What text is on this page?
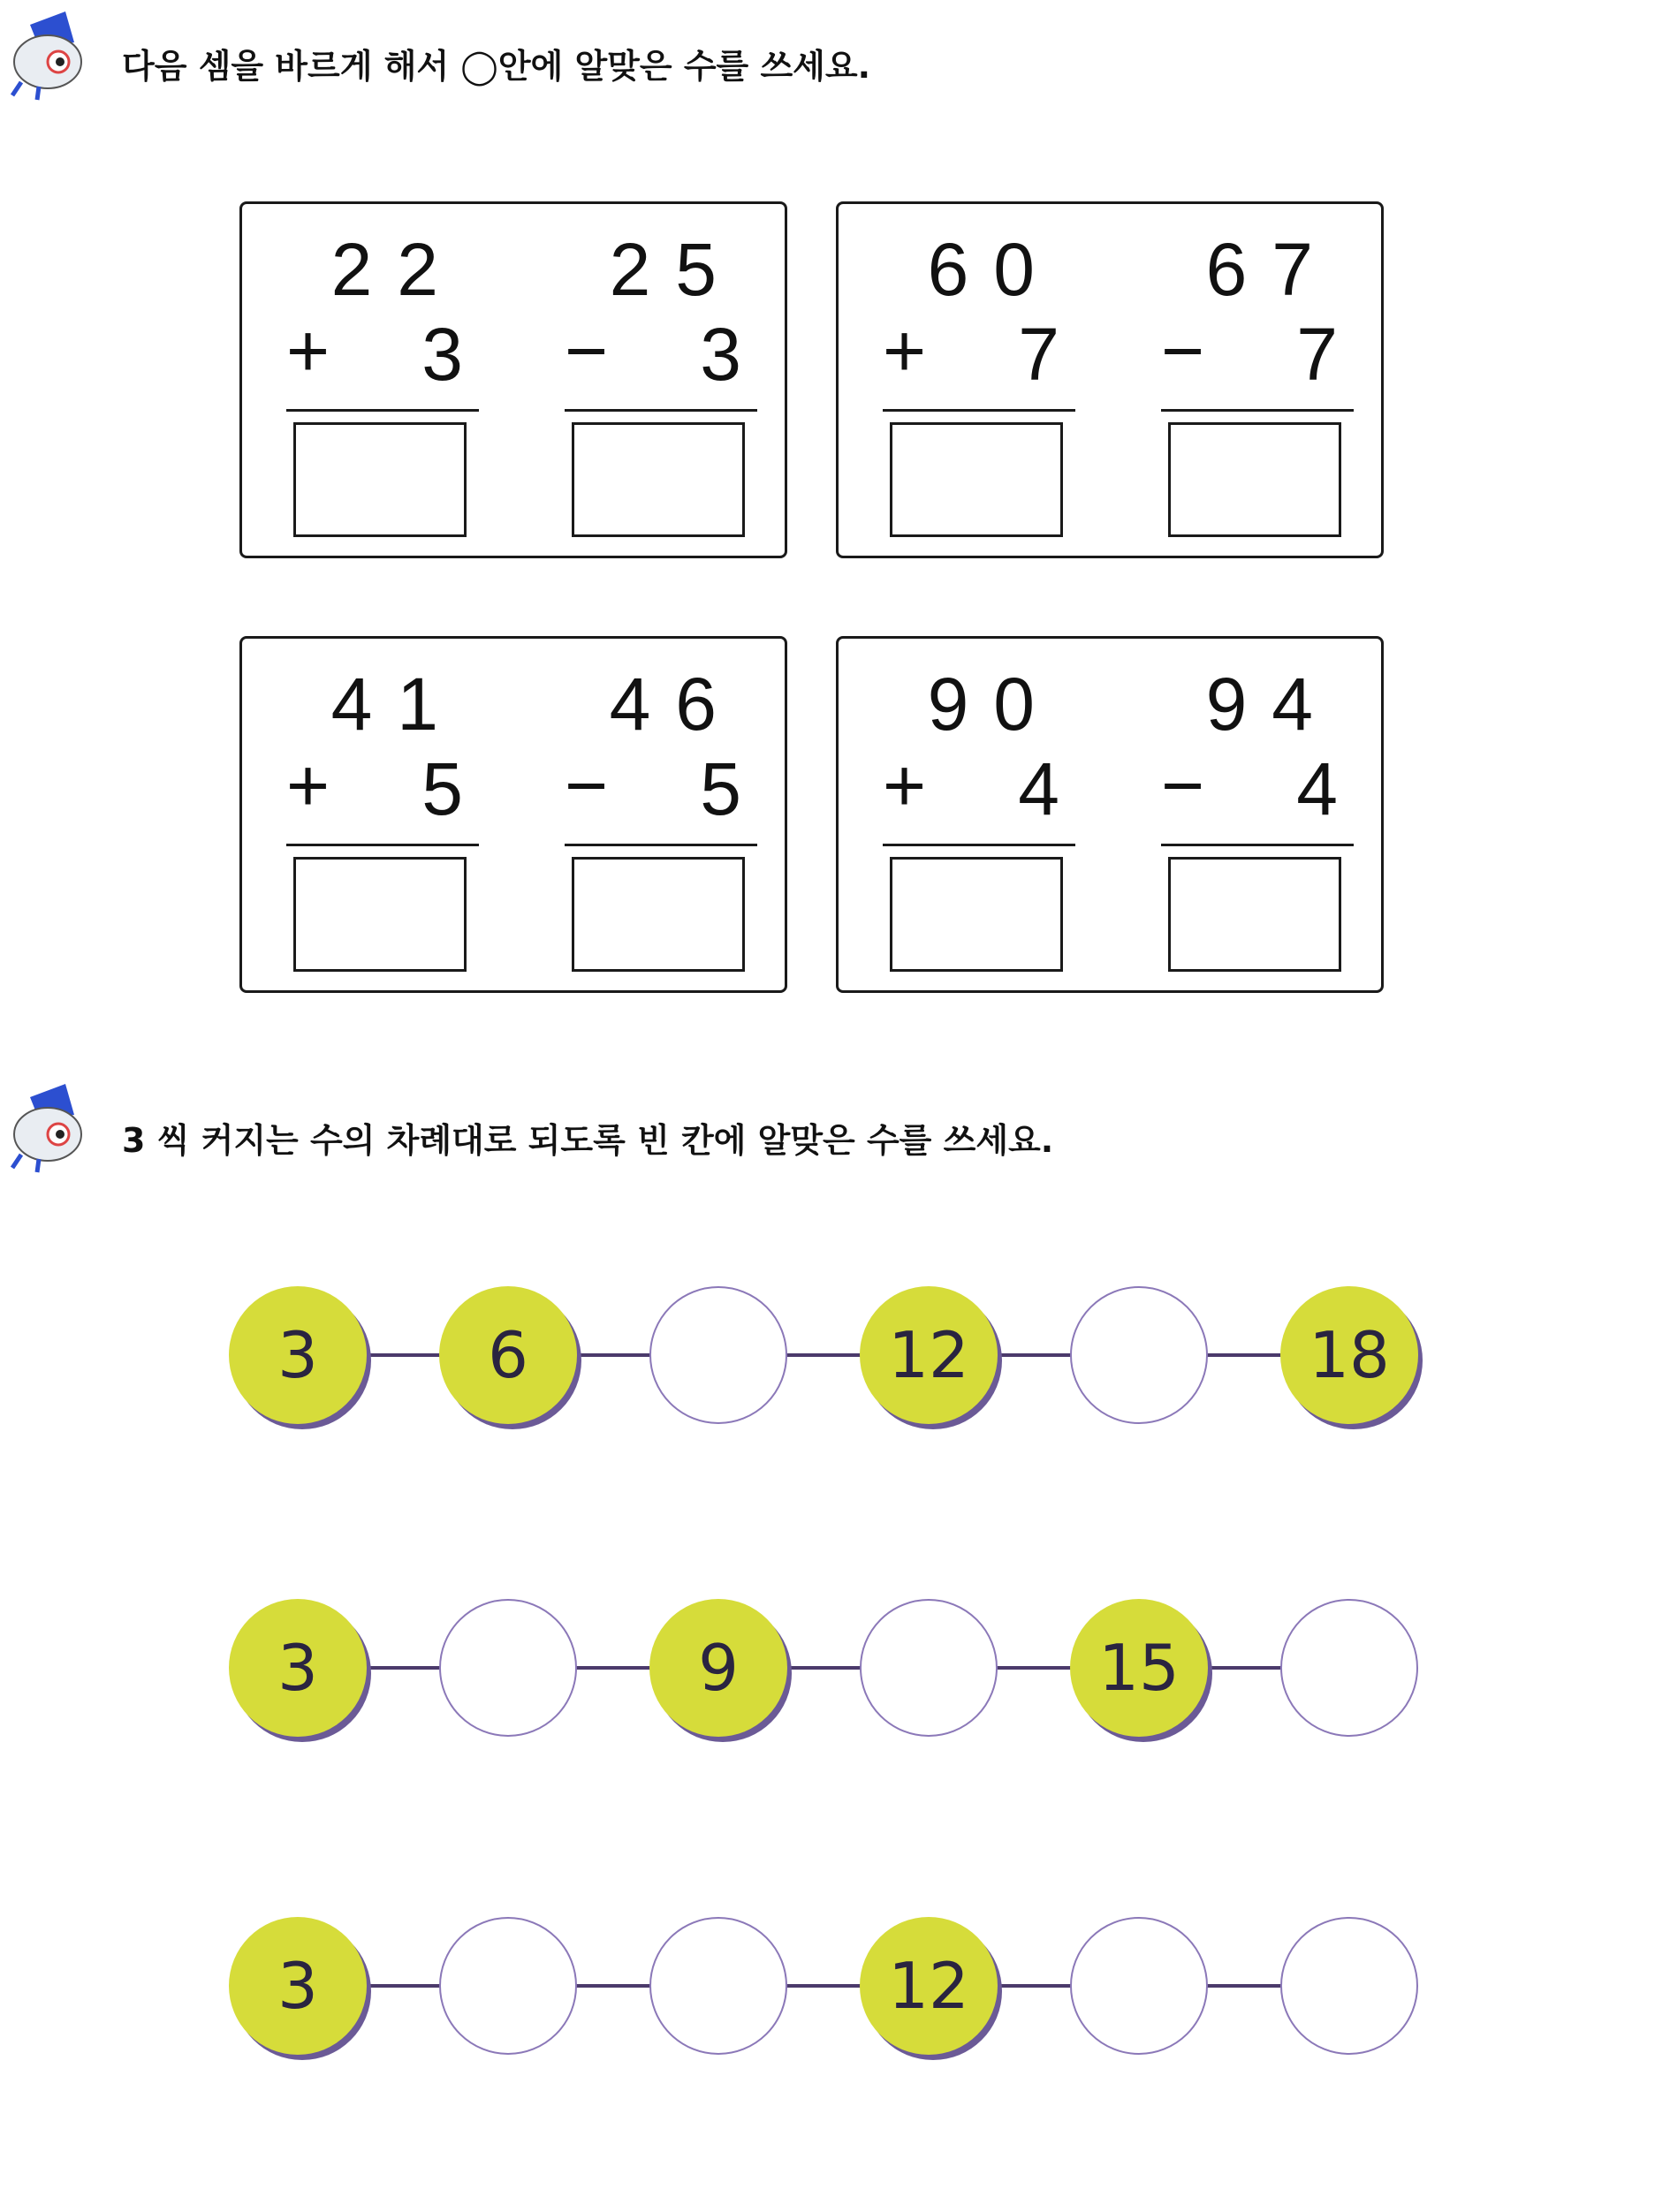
다음 셈을 바르게 해서 ◯안에 알맞은 수를 쓰세요.
22
+ 3
25
− 3
60
+ 7
67
− 7
41
+ 5
46
− 5
90
+ 4
94
− 4
3 씩 커지는 수의 차례대로 되도록 빈 칸에 알맞은 수를 쓰세요.
3	6	12	18
3	9	15
3	12
